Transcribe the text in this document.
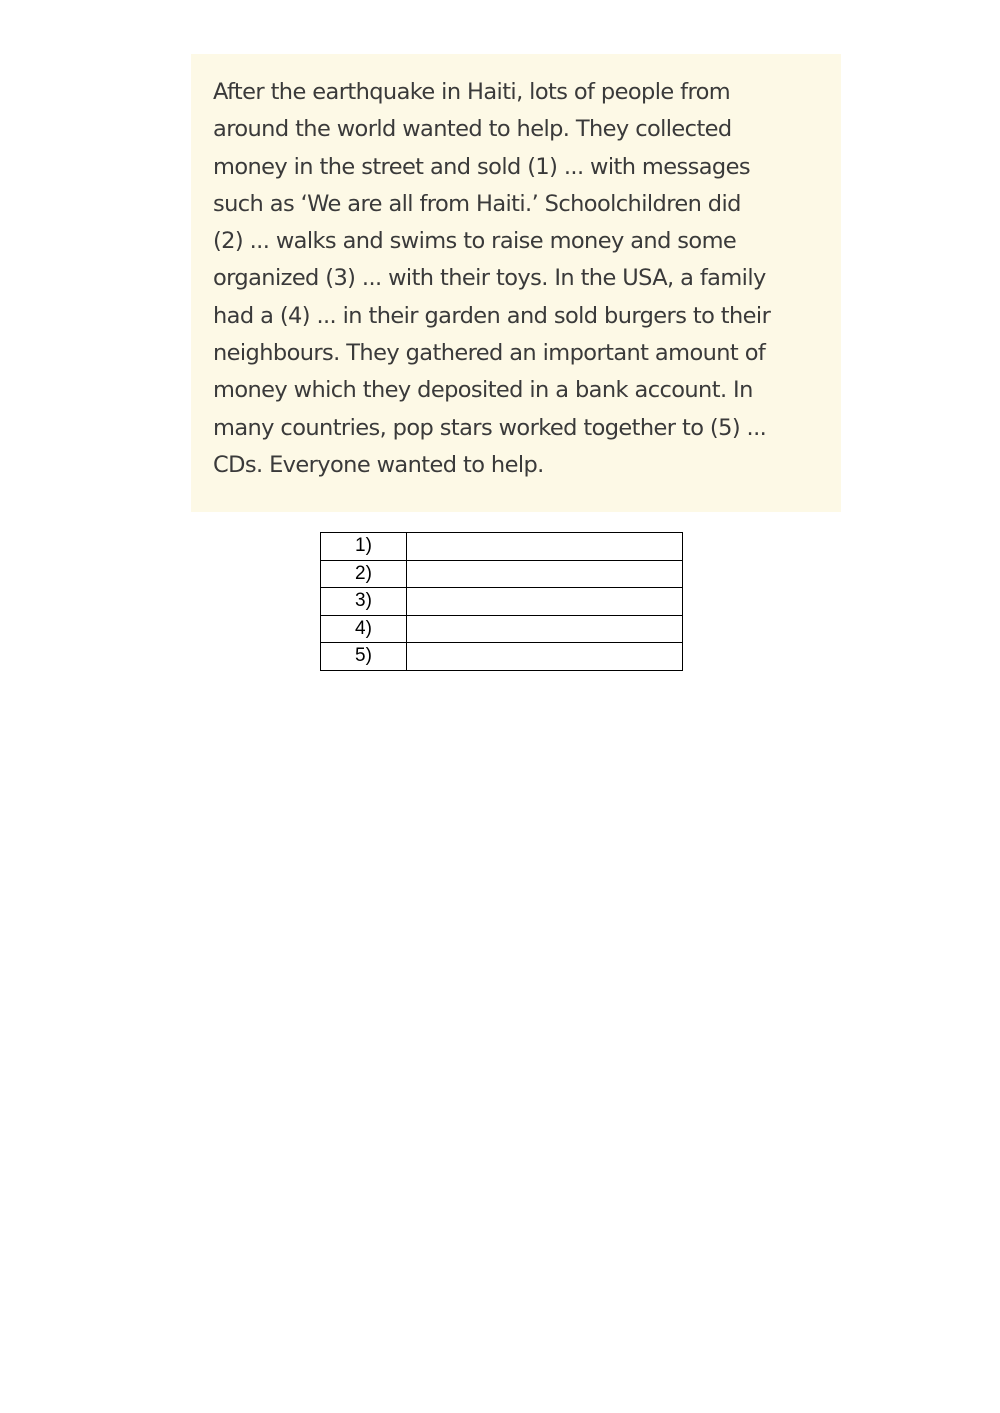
After the earthquake in Haiti, lots of people from
around the world wanted to help. They collected
money in the street and sold (1) ... with messages
such as ‘We are all from Haiti.’ Schoolchildren did
(2) ... walks and swims to raise money and some
organized (3) ... with their toys. In the USA, a family
had a (4) ... in their garden and sold burgers to their
neighbours. They gathered an important amount of
money which they deposited in a bank account. In
many countries, pop stars worked together to (5) ...
CDs. Everyone wanted to help.
1)	
2)	
3)	
4)	
5)	
